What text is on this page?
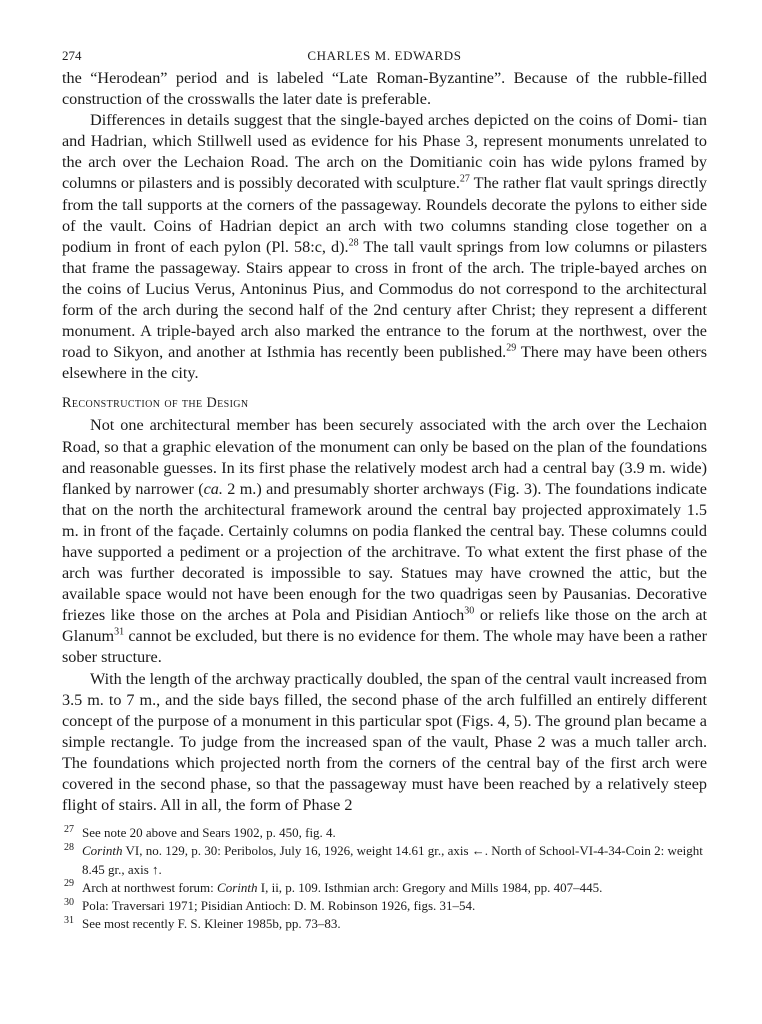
274	CHARLES M. EDWARDS

the “Herodean” period and is labeled “Late Roman-Byzantine”. Because of the rubble-filled construction of the crosswalls the later date is preferable.

Differences in details suggest that the single-bayed arches depicted on the coins of Domi- tian and Hadrian, which Stillwell used as evidence for his Phase 3, represent monuments unrelated to the arch over the Lechaion Road. The arch on the Domitianic coin has wide pylons framed by columns or pilasters and is possibly decorated with sculpture.$^{27}$ The rather flat vault springs directly from the tall supports at the corners of the passageway. Roundels decorate the pylons to either side of the vault. Coins of Hadrian depict an arch with two columns standing close together on a podium in front of each pylon (Pl. 58:c, d).$^{28}$ The tall vault springs from low columns or pilasters that frame the passageway. Stairs appear to cross in front of the arch. The triple-bayed arches on the coins of Lucius Verus, Antoninus Pius, and Commodus do not correspond to the architectural form of the arch during the second half of the 2nd century after Christ; they represent a different monument. A triple-bayed arch also marked the entrance to the forum at the northwest, over the road to Sikyon, and another at Isthmia has recently been published.$^{29}$ There may have been others elsewhere in the city.

Reconstruction of the Design

Not one architectural member has been securely associated with the arch over the Lechaion Road, so that a graphic elevation of the monument can only be based on the plan of the foundations and reasonable guesses. In its first phase the relatively modest arch had a central bay (3.9 m. wide) flanked by narrower (ca. 2 m.) and presumably shorter archways (Fig. 3). The foundations indicate that on the north the architectural framework around the central bay projected approximately 1.5 m. in front of the façade. Certainly columns on podia flanked the central bay. These columns could have supported a pediment or a projection of the architrave. To what extent the first phase of the arch was further decorated is impossible to say. Statues may have crowned the attic, but the available space would not have been enough for the two quadrigas seen by Pausanias. Decorative friezes like those on the arches at Pola and Pisidian Antioch$^{30}$ or reliefs like those on the arch at Glanum$^{31}$ cannot be excluded, but there is no evidence for them. The whole may have been a rather sober structure.

With the length of the archway practically doubled, the span of the central vault increased from 3.5 m. to 7 m., and the side bays filled, the second phase of the arch fulfilled an entirely different concept of the purpose of a monument in this particular spot (Figs. 4, 5). The ground plan became a simple rectangle. To judge from the increased span of the vault, Phase 2 was a much taller arch. The foundations which projected north from the corners of the central bay of the first arch were covered in the second phase, so that the passageway must have been reached by a relatively steep flight of stairs. All in all, the form of Phase 2

27 See note 20 above and Sears 1902, p. 450, fig. 4.
28 Corinth VI, no. 129, p. 30: Peribolos, July 16, 1926, weight 14.61 gr., axis ←. North of School-VI-4-34-Coin 2: weight 8.45 gr., axis ↑.
29 Arch at northwest forum: Corinth I, ii, p. 109. Isthmian arch: Gregory and Mills 1984, pp. 407–445.
30 Pola: Traversari 1971; Pisidian Antioch: D. M. Robinson 1926, figs. 31–54.
31 See most recently F. S. Kleiner 1985b, pp. 73–83.
